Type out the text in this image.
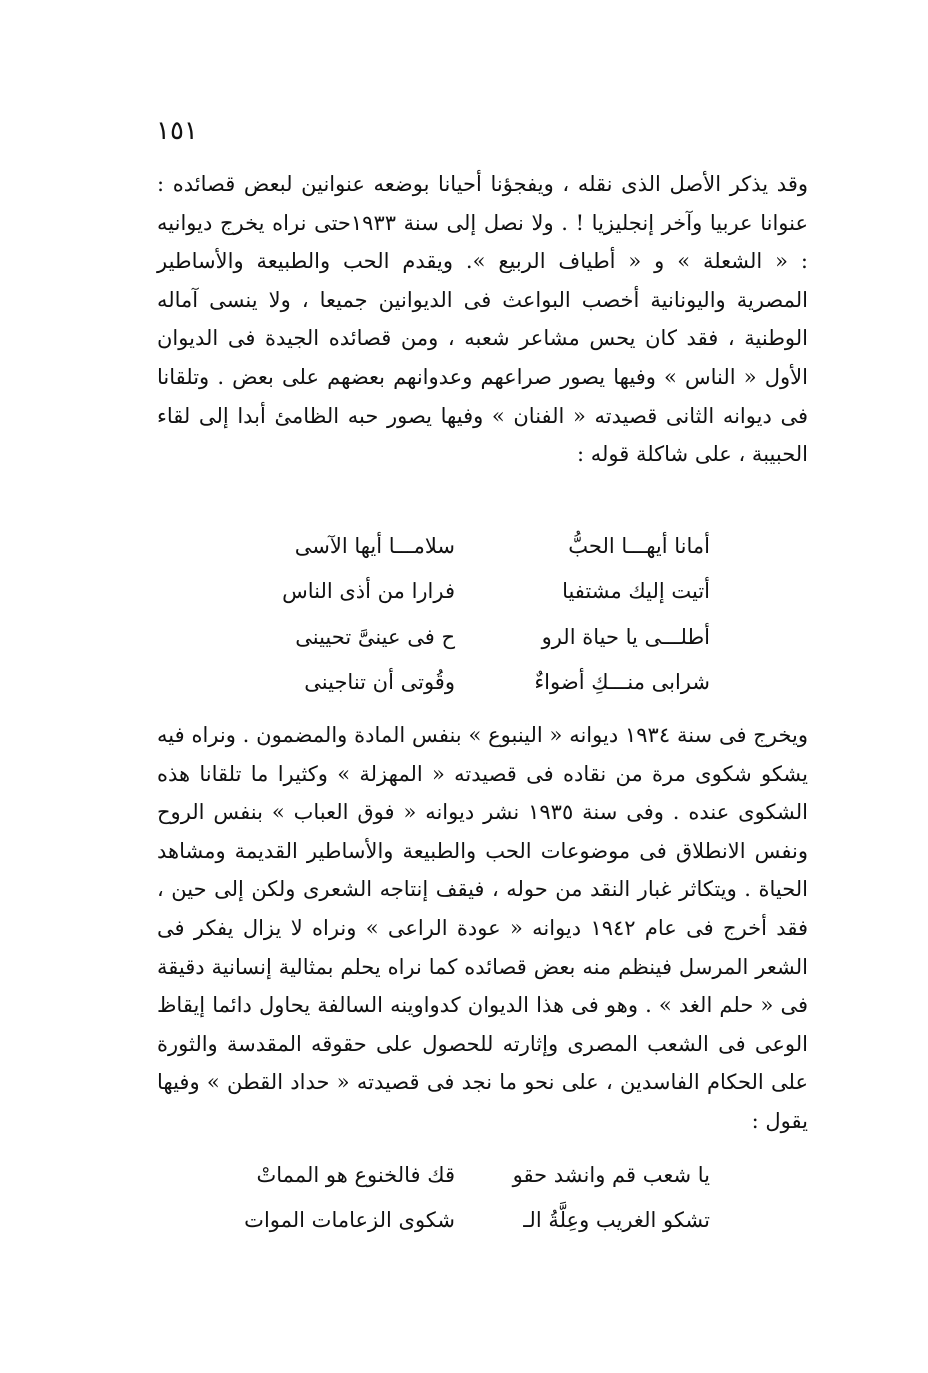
١٥١

وقد يذكر الأصل الذى نقله ، ويفجؤنا أحيانا بوضعه عنوانين لبعض قصائده : عنوانا عربيا وآخر إنجليزيا ! . ولا نصل إلى سنة ١٩٣٣حتى نراه يخرج ديوانيه : « الشعلة » و « أطياف الربيع ». ويقدم الحب والطبيعة والأساطير المصرية واليونانية أخصب البواعث فى الديوانين جميعا ، ولا ينسى آماله الوطنية ، فقد كان يحس مشاعر شعبه ، ومن قصائده الجيدة فى الديوان الأول « الناس » وفيها يصور صراعهم وعدوانهم بعضهم على بعض . وتلقانا فى ديوانه الثانى قصيدته « الفنان » وفيها يصور حبه الظامئ أبدا إلى لقاء الحبيبة ، على شاكلة قوله :

أمانا أيهـــا الحبُّ
سلامـــا أيها الآسى
أتيت إليك مشتفيا
فرارا من أذى الناس
أطلـــى يا حياة الرو
ح فى عينىَّ تحيينى
شرابى منـــكِ أضواءٌ
وقُوتى أن تناجينى

ويخرج فى سنة ١٩٣٤ ديوانه « الينبوع » بنفس المادة والمضمون . ونراه فيه يشكو شكوى مرة من نقاده فى قصيدته « المهزلة » وكثيرا ما تلقانا هذه الشكوى عنده . وفى سنة ١٩٣٥ نشر ديوانه « فوق العباب » بنفس الروح ونفس الانطلاق فى موضوعات الحب والطبيعة والأساطير القديمة ومشاهد الحياة . ويتكاثر غبار النقد من حوله ، فيقف إنتاجه الشعرى ولكن إلى حين ، فقد أخرج فى عام ١٩٤٢ ديوانه « عودة الراعى » ونراه لا يزال يفكر فى الشعر المرسل فينظم منه بعض قصائده كما نراه يحلم بمثالية إنسانية دقيقة فى « حلم الغد » . وهو فى هذا الديوان كدواوينه السالفة يحاول دائما إيقاظ الوعى فى الشعب المصرى وإثارته للحصول على حقوقه المقدسة والثورة على الحكام الفاسدين ، على نحو ما نجد فى قصيدته « حداد القطن » وفيها يقول :

يا شعب قم وانشد حقو
قك فالخنوع هو المماتْ
تشكو الغريب وعِلَّةُ الـ
شكوى الزعامات الموات
